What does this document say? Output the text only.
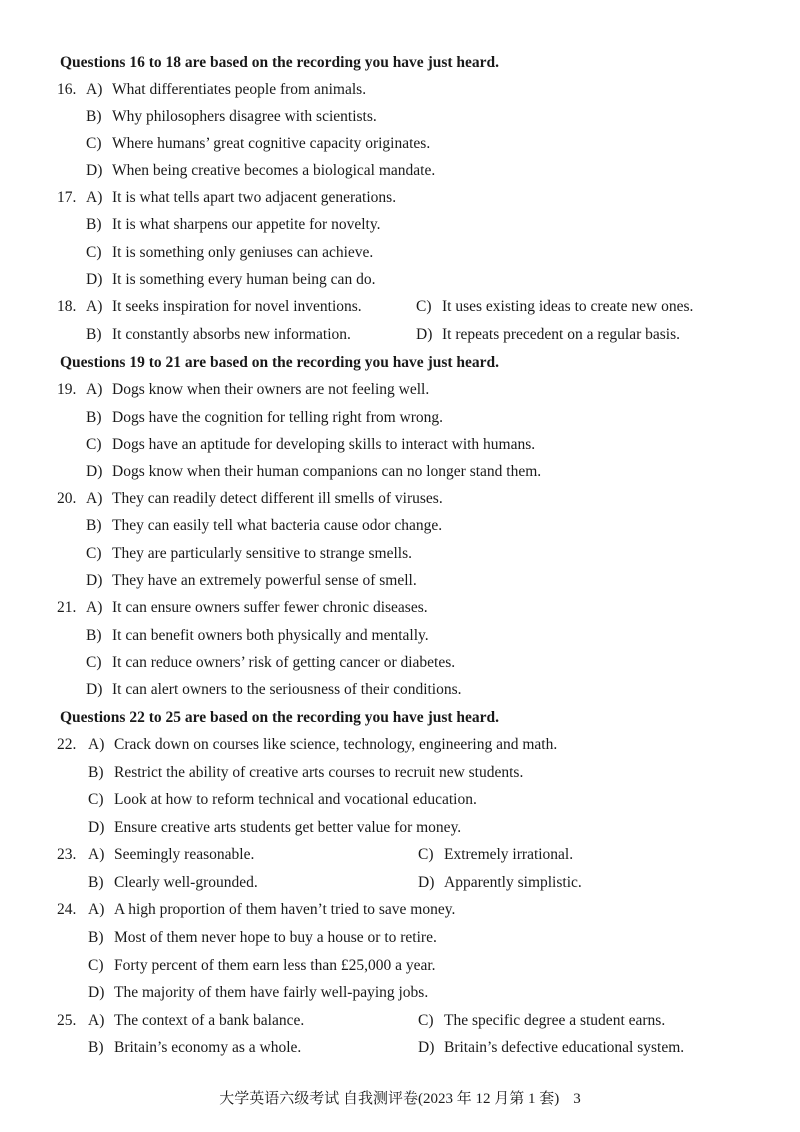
Questions 16 to 18 are based on the recording you have just heard.
16. A) What differentiates people from animals.
B) Why philosophers disagree with scientists.
C) Where humans’ great cognitive capacity originates.
D) When being creative becomes a biological mandate.
17. A) It is what tells apart two adjacent generations.
B) It is what sharpens our appetite for novelty.
C) It is something only geniuses can achieve.
D) It is something every human being can do.
18. A) It seeks inspiration for novel inventions.	C) It uses existing ideas to create new ones.
B) It constantly absorbs new information.	D) It repeats precedent on a regular basis.
Questions 19 to 21 are based on the recording you have just heard.
19. A) Dogs know when their owners are not feeling well.
B) Dogs have the cognition for telling right from wrong.
C) Dogs have an aptitude for developing skills to interact with humans.
D) Dogs know when their human companions can no longer stand them.
20. A) They can readily detect different ill smells of viruses.
B) They can easily tell what bacteria cause odor change.
C) They are particularly sensitive to strange smells.
D) They have an extremely powerful sense of smell.
21. A) It can ensure owners suffer fewer chronic diseases.
B) It can benefit owners both physically and mentally.
C) It can reduce owners’ risk of getting cancer or diabetes.
D) It can alert owners to the seriousness of their conditions.
Questions 22 to 25 are based on the recording you have just heard.
22. A) Crack down on courses like science, technology, engineering and math.
B) Restrict the ability of creative arts courses to recruit new students.
C) Look at how to reform technical and vocational education.
D) Ensure creative arts students get better value for money.
23. A) Seemingly reasonable.	C) Extremely irrational.
B) Clearly well-grounded.	D) Apparently simplistic.
24. A) A high proportion of them haven’t tried to save money.
B) Most of them never hope to buy a house or to retire.
C) Forty percent of them earn less than £25,000 a year.
D) The majority of them have fairly well-paying jobs.
25. A) The context of a bank balance.	C) The specific degree a student earns.
B) Britain’s economy as a whole.	D) Britain’s defective educational system.
大学英语六级考试 自我测评卷(2023 年 12 月第 1 套) 3
